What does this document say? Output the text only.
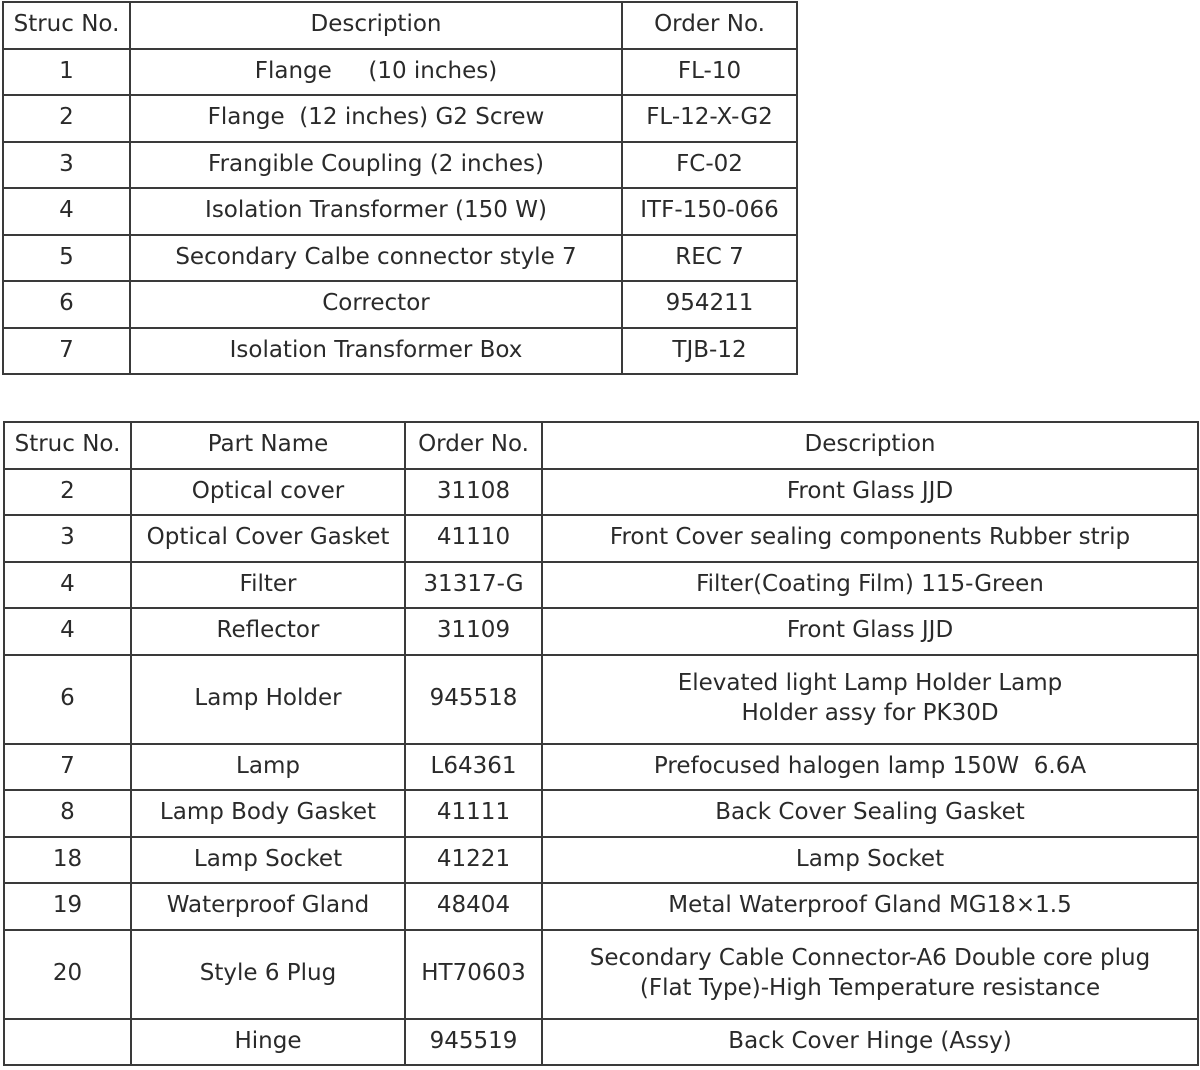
Struc No.	Description	Order No.
1	Flange     (10 inches)	FL-10
2	Flange  (12 inches) G2 Screw	FL-12-X-G2
3	Frangible Coupling (2 inches)	FC-02
4	Isolation Transformer (150 W)	ITF-150-066
5	Secondary Calbe connector style 7	REC 7
6	Corrector	954211
7	Isolation Transformer Box	TJB-12
Struc No.	Part Name	Order No.	Description
2	Optical cover	31108	Front Glass JJD
3	Optical Cover Gasket	41110	Front Cover sealing components Rubber strip
4	Filter	31317-G	Filter(Coating Film) 115-Green
4	Reflector	31109	Front Glass JJD
6	Lamp Holder	945518	Elevated light Lamp Holder Lamp
Holder assy for PK30D

7	Lamp	L64361	Prefocused halogen lamp 150W  6.6A
8	Lamp Body Gasket	41111	Back Cover Sealing Gasket
18	Lamp Socket	41221	Lamp Socket
19	Waterproof Gland	48404	Metal Waterproof Gland MG18×1.5
20	Style 6 Plug	HT70603	Secondary Cable Connector-A6 Double core plug
(Flat Type)-High Temperature resistance

	Hinge	945519	Back Cover Hinge (Assy)
